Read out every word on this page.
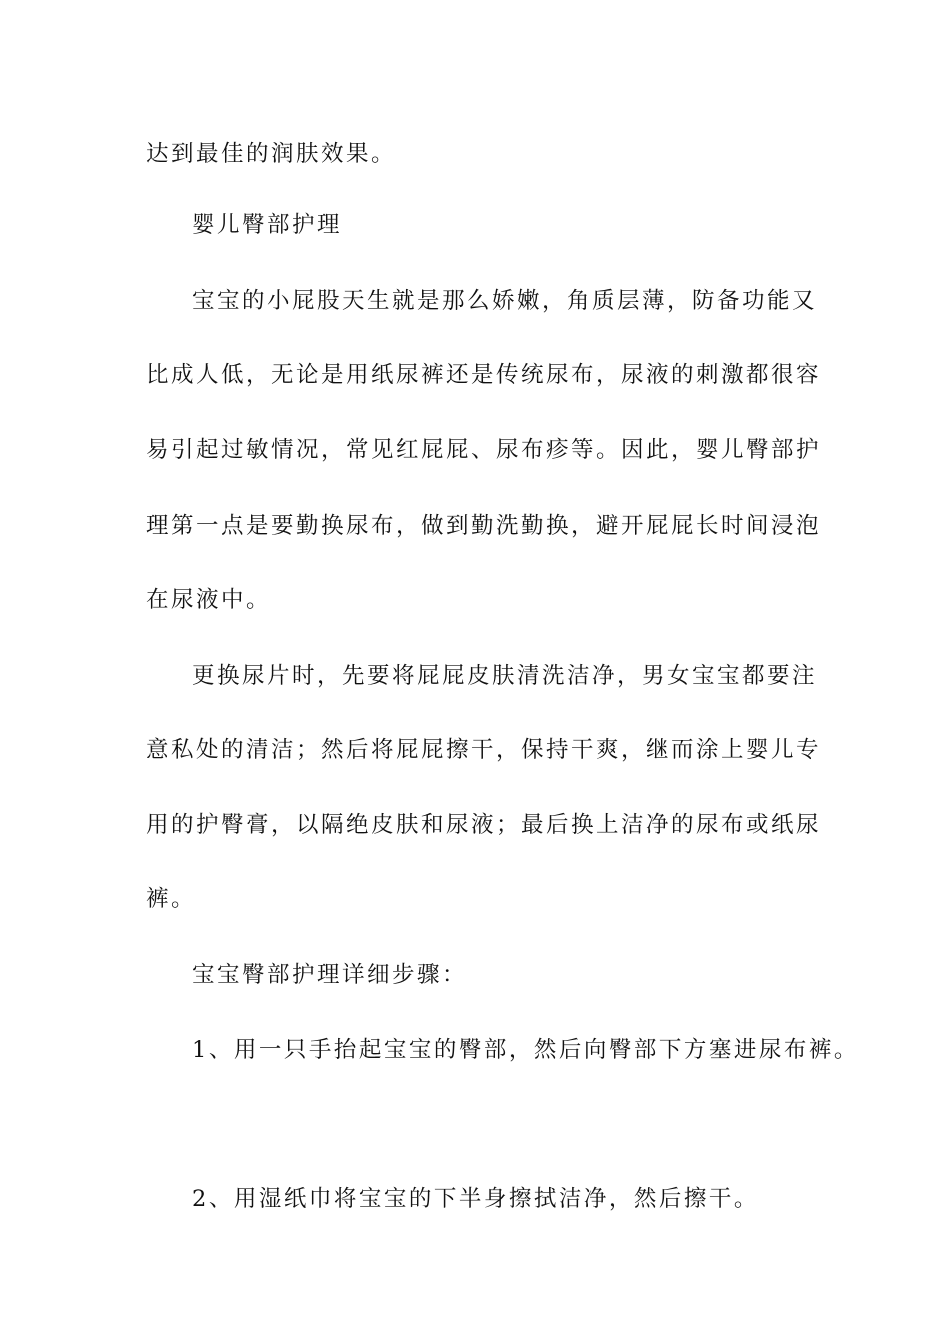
达到最佳的润肤效果。
婴儿臀部护理
宝宝的小屁股天生就是那么娇嫩，角质层薄，防备功能又
比成人低，无论是用纸尿裤还是传统尿布，尿液的刺激都很容
易引起过敏情况，常见红屁屁、尿布疹等。因此，婴儿臀部护
理第一点是要勤换尿布，做到勤洗勤换，避开屁屁长时间浸泡
在尿液中。
更换尿片时，先要将屁屁皮肤清洗洁净，男女宝宝都要注
意私处的清洁；然后将屁屁擦干，保持干爽，继而涂上婴儿专
用的护臀膏，以隔绝皮肤和尿液；最后换上洁净的尿布或纸尿
裤。
宝宝臀部护理详细步骤：
1、用一只手抬起宝宝的臀部，然后向臀部下方塞进尿布裤。
2、用湿纸巾将宝宝的下半身擦拭洁净，然后擦干。
